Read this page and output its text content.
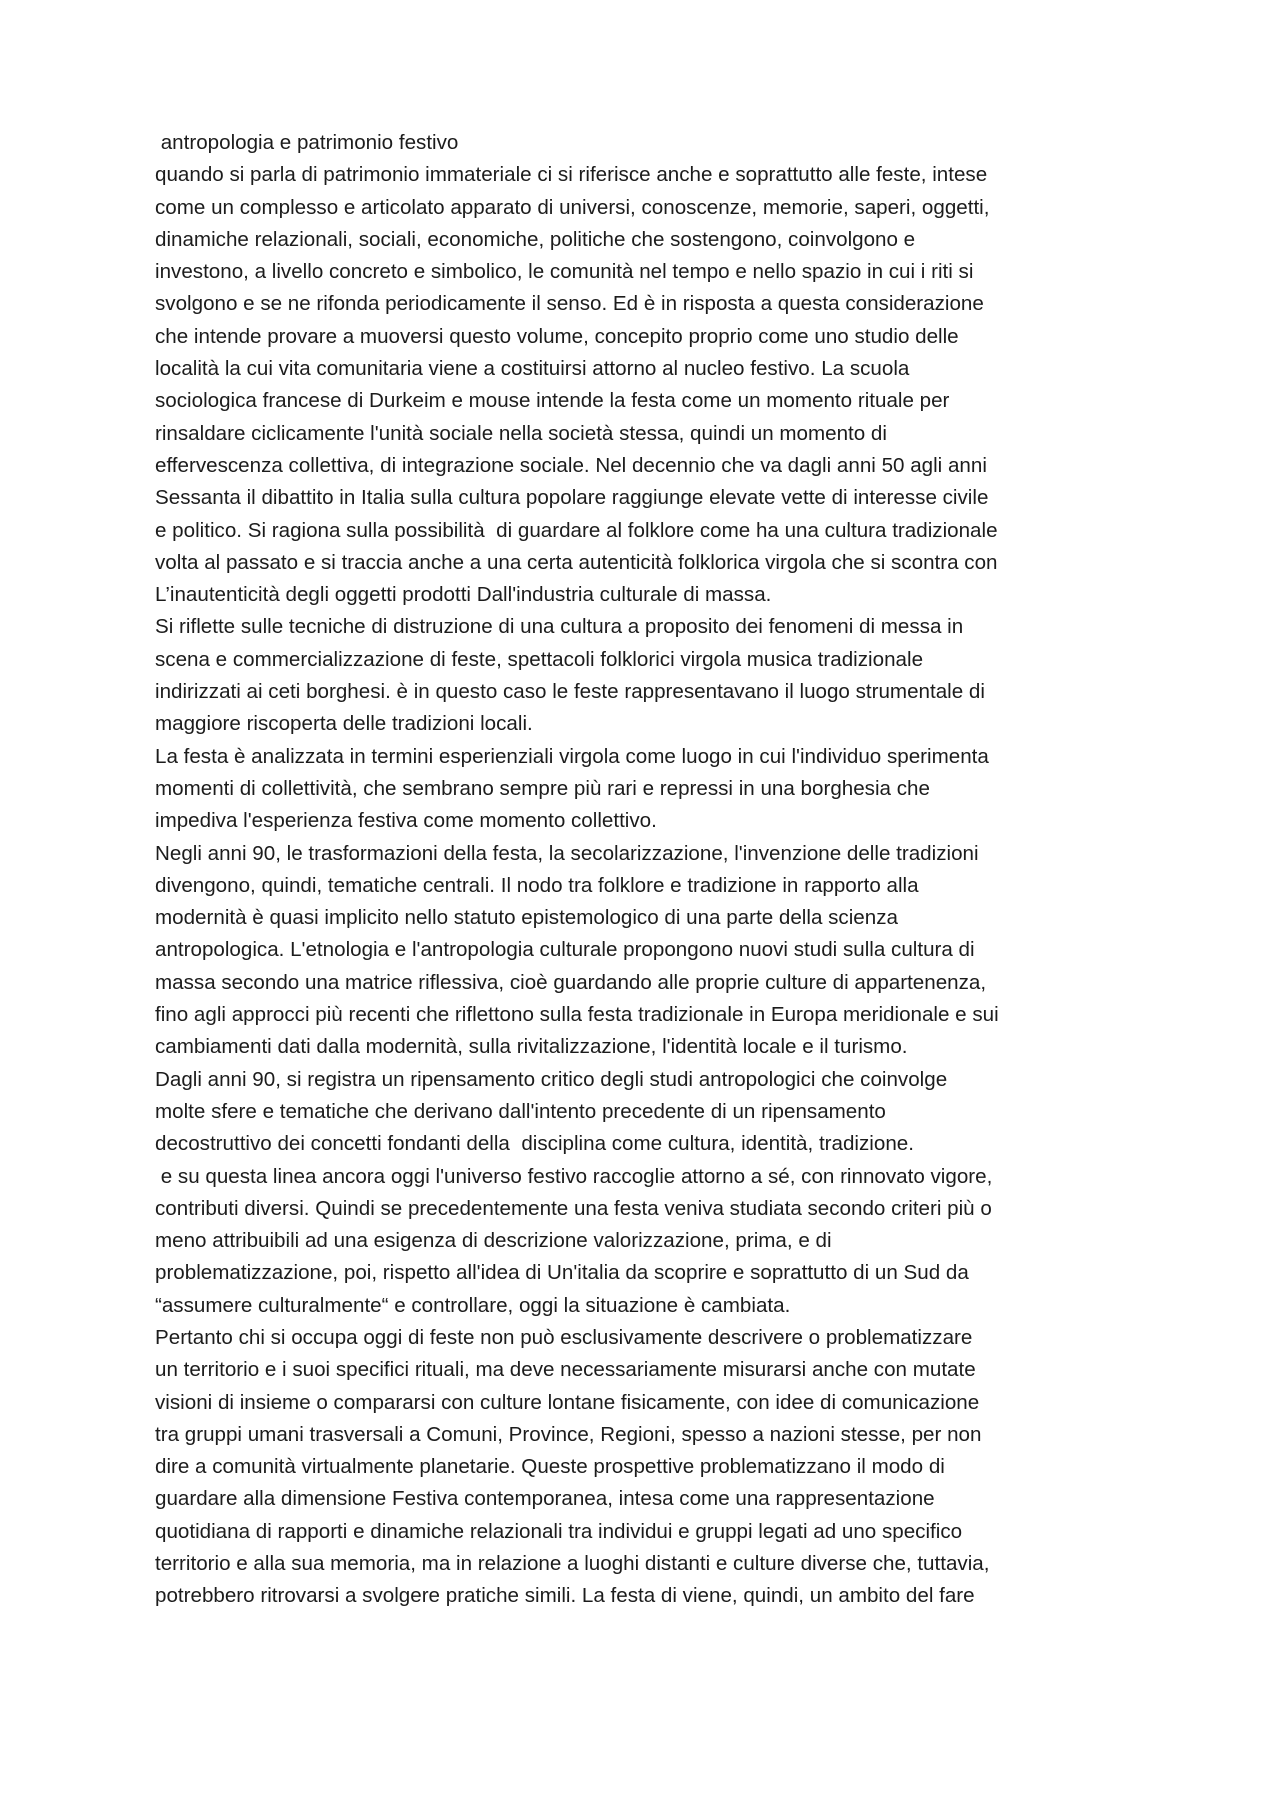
antropologia e patrimonio festivo
quando si parla di patrimonio immateriale ci si riferisce anche e soprattutto alle feste, intese
come un complesso e articolato apparato di universi, conoscenze, memorie, saperi, oggetti,
dinamiche relazionali, sociali, economiche, politiche che sostengono, coinvolgono e
investono, a livello concreto e simbolico, le comunità nel tempo e nello spazio in cui i riti si
svolgono e se ne rifonda periodicamente il senso. Ed è in risposta a questa considerazione
che intende provare a muoversi questo volume, concepito proprio come uno studio delle
località la cui vita comunitaria viene a costituirsi attorno al nucleo festivo. La scuola
sociologica francese di Durkeim e mouse intende la festa come un momento rituale per
rinsaldare ciclicamente l'unità sociale nella società stessa, quindi un momento di
effervescenza collettiva, di integrazione sociale. Nel decennio che va dagli anni 50 agli anni
Sessanta il dibattito in Italia sulla cultura popolare raggiunge elevate vette di interesse civile
e politico. Si ragiona sulla possibilità  di guardare al folklore come ha una cultura tradizionale
volta al passato e si traccia anche a una certa autenticità folklorica virgola che si scontra con
L’inautenticità degli oggetti prodotti Dall'industria culturale di massa.
Si riflette sulle tecniche di distruzione di una cultura a proposito dei fenomeni di messa in
scena e commercializzazione di feste, spettacoli folklorici virgola musica tradizionale
indirizzati ai ceti borghesi. è in questo caso le feste rappresentavano il luogo strumentale di
maggiore riscoperta delle tradizioni locali.
La festa è analizzata in termini esperienziali virgola come luogo in cui l'individuo sperimenta
momenti di collettività, che sembrano sempre più rari e repressi in una borghesia che
impediva l'esperienza festiva come momento collettivo.
Negli anni 90, le trasformazioni della festa, la secolarizzazione, l'invenzione delle tradizioni
divengono, quindi, tematiche centrali. Il nodo tra folklore e tradizione in rapporto alla
modernità è quasi implicito nello statuto epistemologico di una parte della scienza
antropologica. L'etnologia e l'antropologia culturale propongono nuovi studi sulla cultura di
massa secondo una matrice riflessiva, cioè guardando alle proprie culture di appartenenza,
fino agli approcci più recenti che riflettono sulla festa tradizionale in Europa meridionale e sui
cambiamenti dati dalla modernità, sulla rivitalizzazione, l'identità locale e il turismo.
Dagli anni 90, si registra un ripensamento critico degli studi antropologici che coinvolge
molte sfere e tematiche che derivano dall'intento precedente di un ripensamento
decostruttivo dei concetti fondanti della  disciplina come cultura, identità, tradizione.
e su questa linea ancora oggi l'universo festivo raccoglie attorno a sé, con rinnovato vigore,
contributi diversi. Quindi se precedentemente una festa veniva studiata secondo criteri più o
meno attribuibili ad una esigenza di descrizione valorizzazione, prima, e di
problematizzazione, poi, rispetto all'idea di Un'italia da scoprire e soprattutto di un Sud da
“assumere culturalmente“ e controllare, oggi la situazione è cambiata.
Pertanto chi si occupa oggi di feste non può esclusivamente descrivere o problematizzare
un territorio e i suoi specifici rituali, ma deve necessariamente misurarsi anche con mutate
visioni di insieme o compararsi con culture lontane fisicamente, con idee di comunicazione
tra gruppi umani trasversali a Comuni, Province, Regioni, spesso a nazioni stesse, per non
dire a comunità virtualmente planetarie. Queste prospettive problematizzano il modo di
guardare alla dimensione Festiva contemporanea, intesa come una rappresentazione
quotidiana di rapporti e dinamiche relazionali tra individui e gruppi legati ad uno specifico
territorio e alla sua memoria, ma in relazione a luoghi distanti e culture diverse che, tuttavia,
potrebbero ritrovarsi a svolgere pratiche simili. La festa di viene, quindi, un ambito del fare
